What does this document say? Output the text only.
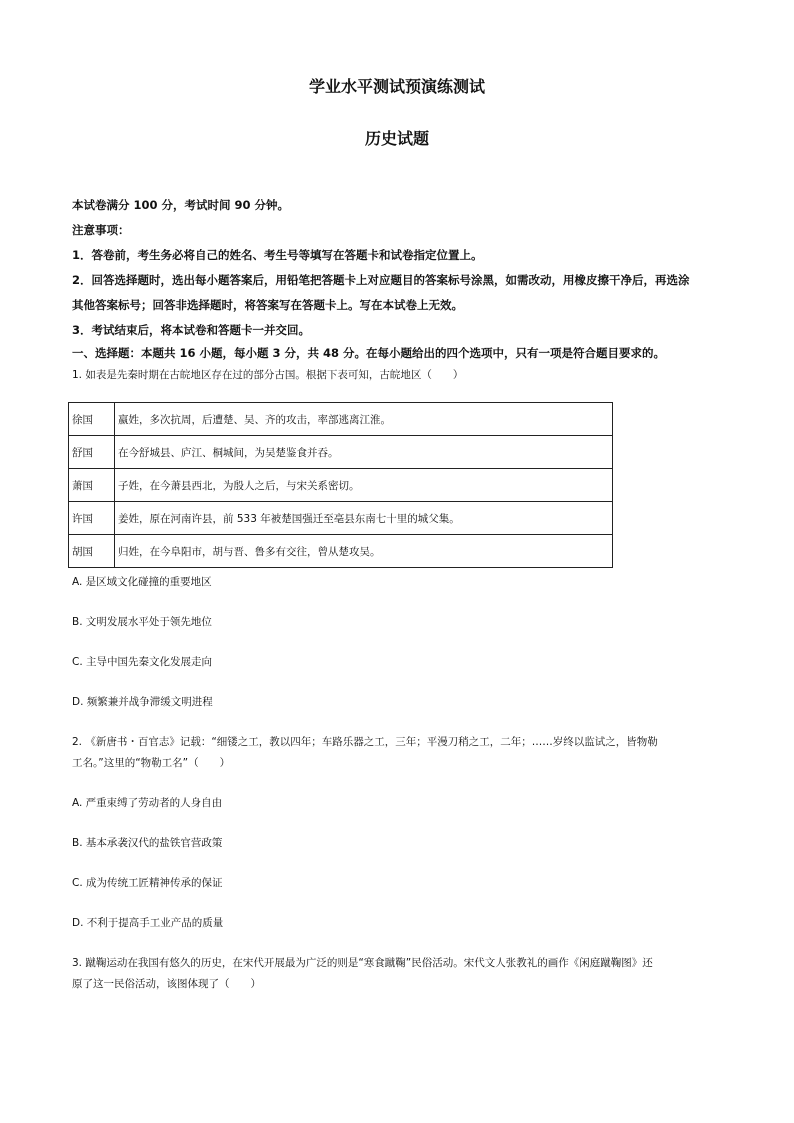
学业水平测试预演练测试
历史试题
本试卷满分 100 分，考试时间 90 分钟。
注意事项：
1．答卷前，考生务必将自己的姓名、考生号等填写在答题卡和试卷指定位置上。
2．回答选择题时，选出每小题答案后，用铅笔把答题卡上对应题目的答案标号涂黑，如需改动，用橡皮擦干净后，再选涂
其他答案标号；回答非选择题时，将答案写在答题卡上。写在本试卷上无效。
3．考试结束后，将本试卷和答题卡一并交回。
一、选择题：本题共 16 小题，每小题 3 分，共 48 分。在每小题给出的四个选项中，只有一项是符合题目要求的。
1. 如表是先秦时期在古皖地区存在过的部分古国。根据下表可知，古皖地区（　　）
徐国	嬴姓，多次抗周，后遭楚、吴、齐的攻击，率部逃离江淮。
舒国	在今舒城县、庐江、桐城间，为吴楚鉴食并吞。
萧国	子姓，在今萧县西北，为殷人之后，与宋关系密切。
许国	姜姓，原在河南许县，前 533 年被楚国强迁至亳县东南七十里的城父集。
胡国	归姓，在今阜阳市，胡与晋、鲁多有交往，曾从楚攻吴。
A. 是区域文化碰撞的重要地区
B. 文明发展水平处于领先地位
C. 主导中国先秦文化发展走向
D. 频繁兼并战争滞缓文明进程
2. 《新唐书・百官志》记载：“细镂之工，教以四年；车路乐器之工，三年；平漫刀稍之工，二年；……岁终以监试之，皆物勒
工名。”这里的“物勒工名”（　　）
A. 严重束缚了劳动者的人身自由
B. 基本承袭汉代的盐铁官营政策
C. 成为传统工匠精神传承的保证
D. 不利于提高手工业产品的质量
3. 蹴鞠运动在我国有悠久的历史，在宋代开展最为广泛的则是“寒食蹴鞠”民俗活动。宋代文人张教礼的画作《闲庭蹴鞠图》还
原了这一民俗活动，该图体现了（　　）
